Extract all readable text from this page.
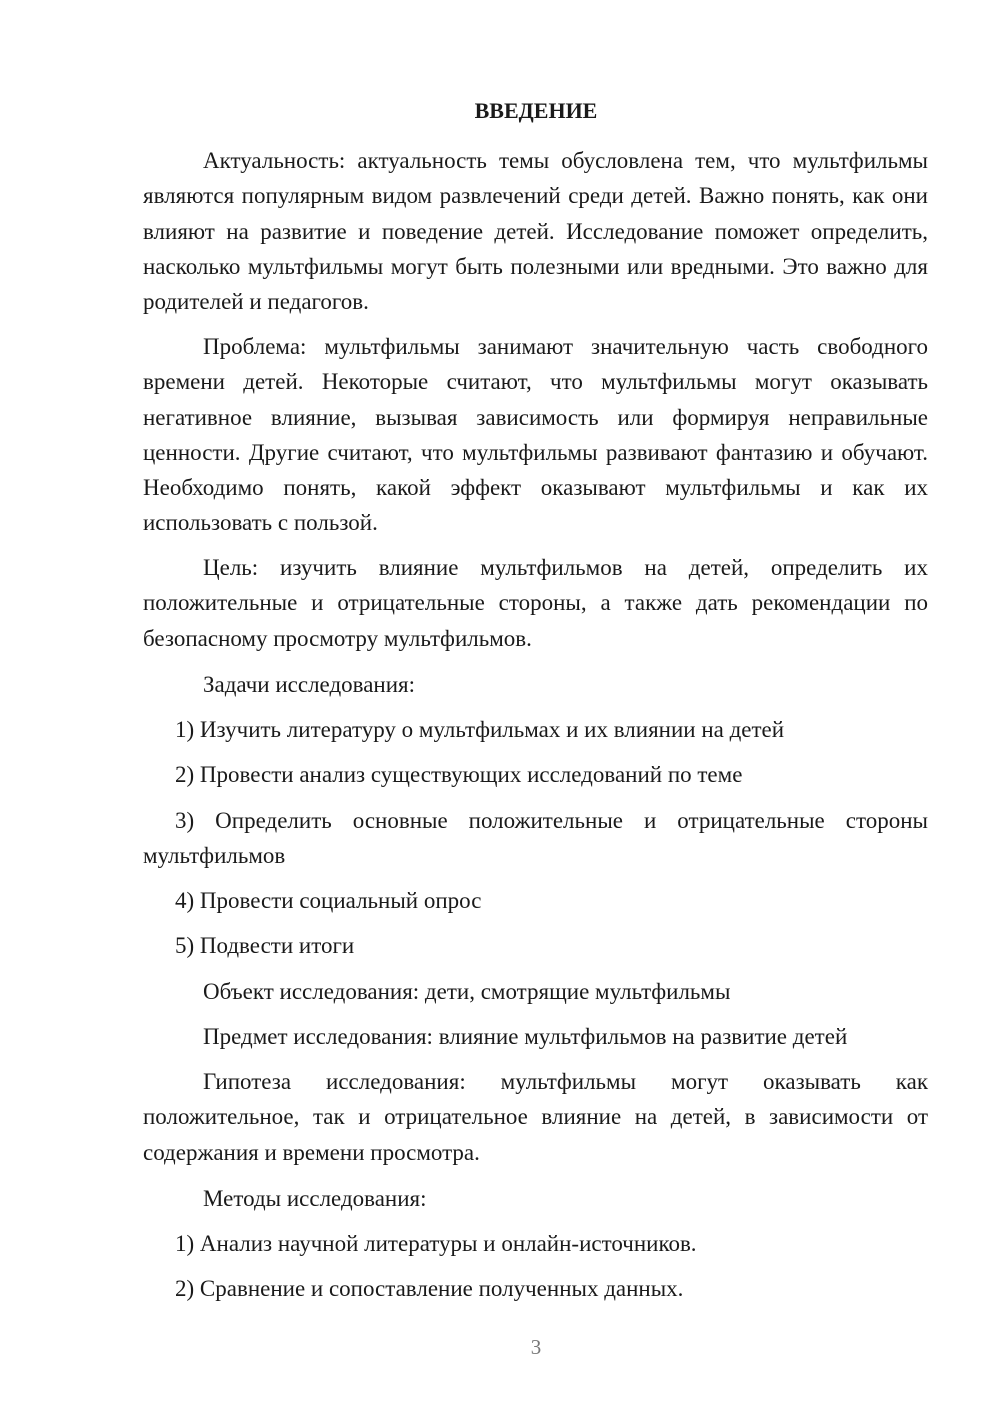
ВВЕДЕНИЕ

Актуальность: актуальность темы обусловлена тем, что мультфильмы являются популярным видом развлечений среди детей. Важно понять, как они влияют на развитие и поведение детей. Исследование поможет определить, насколько мультфильмы могут быть полезными или вредными. Это важно для родителей и педагогов.

Проблема: мультфильмы занимают значительную часть свободного времени детей. Некоторые считают, что мультфильмы могут оказывать негативное влияние, вызывая зависимость или формируя неправильные ценности. Другие считают, что мультфильмы развивают фантазию и обучают. Необходимо понять, какой эффект оказывают мультфильмы и как их использовать с пользой.

Цель: изучить влияние мультфильмов на детей, определить их положительные и отрицательные стороны, а также дать рекомендации по безопасному просмотру мультфильмов.

Задачи исследования:

1) Изучить литературу о мультфильмах и их влиянии на детей

2) Провести анализ существующих исследований по теме

3) Определить основные положительные и отрицательные стороны мультфильмов

4) Провести социальный опрос

5) Подвести итоги

Объект исследования: дети, смотрящие мультфильмы

Предмет исследования: влияние мультфильмов на развитие детей

Гипотеза исследования: мультфильмы могут оказывать как положительное, так и отрицательное влияние на детей, в зависимости от содержания и времени просмотра.

Методы исследования:

1) Анализ научной литературы и онлайн-источников.

2) Сравнение и сопоставление полученных данных.

3
